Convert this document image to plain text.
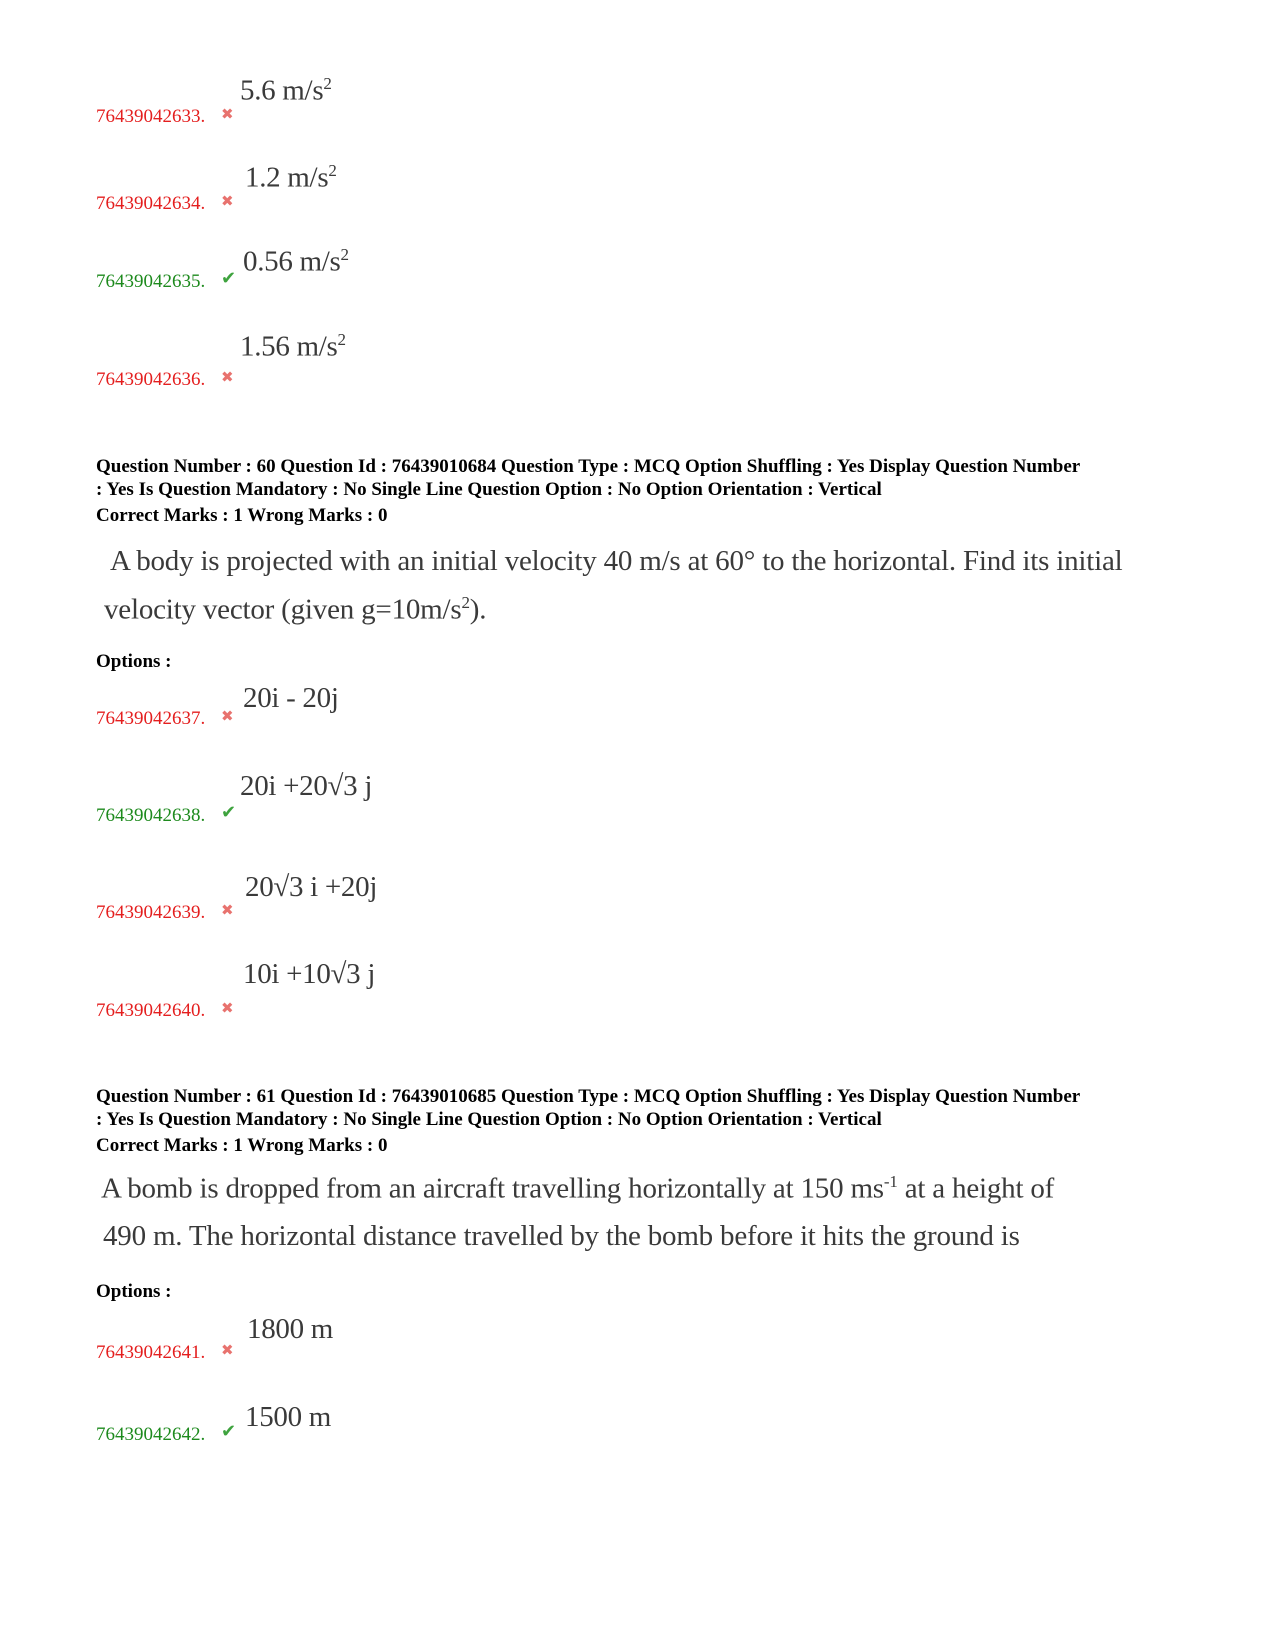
5.6 $m/s^2$
76439042633. ✖
1.2 $m/s^2$
76439042634. ✖
0.56 $m/s^2$
76439042635. ✔
1.56 $m/s^2$
76439042636. ✖
Question Number : 60 Question Id : 76439010684 Question Type : MCQ Option Shuffling : Yes Display Question Number
: Yes Is Question Mandatory : No Single Line Question Option : No Option Orientation : Vertical
Correct Marks : 1 Wrong Marks : 0
A body is projected with an initial velocity 40 m/s at 60° to the horizontal. Find its initial
velocity vector (given $g=10m/s^2$).
Options :
20i - 20j
76439042637. ✖
20i +20√3 j
76439042638. ✔
20√3 i +20j
76439042639. ✖
10i +10√3 j
76439042640. ✖
Question Number : 61 Question Id : 76439010685 Question Type : MCQ Option Shuffling : Yes Display Question Number
: Yes Is Question Mandatory : No Single Line Question Option : No Option Orientation : Vertical
Correct Marks : 1 Wrong Marks : 0
A bomb is dropped from an aircraft travelling horizontally at 150 $ms^{-1}$ at a height of
490 m. The horizontal distance travelled by the bomb before it hits the ground is
Options :
1800 m
76439042641. ✖
1500 m
76439042642. ✔
